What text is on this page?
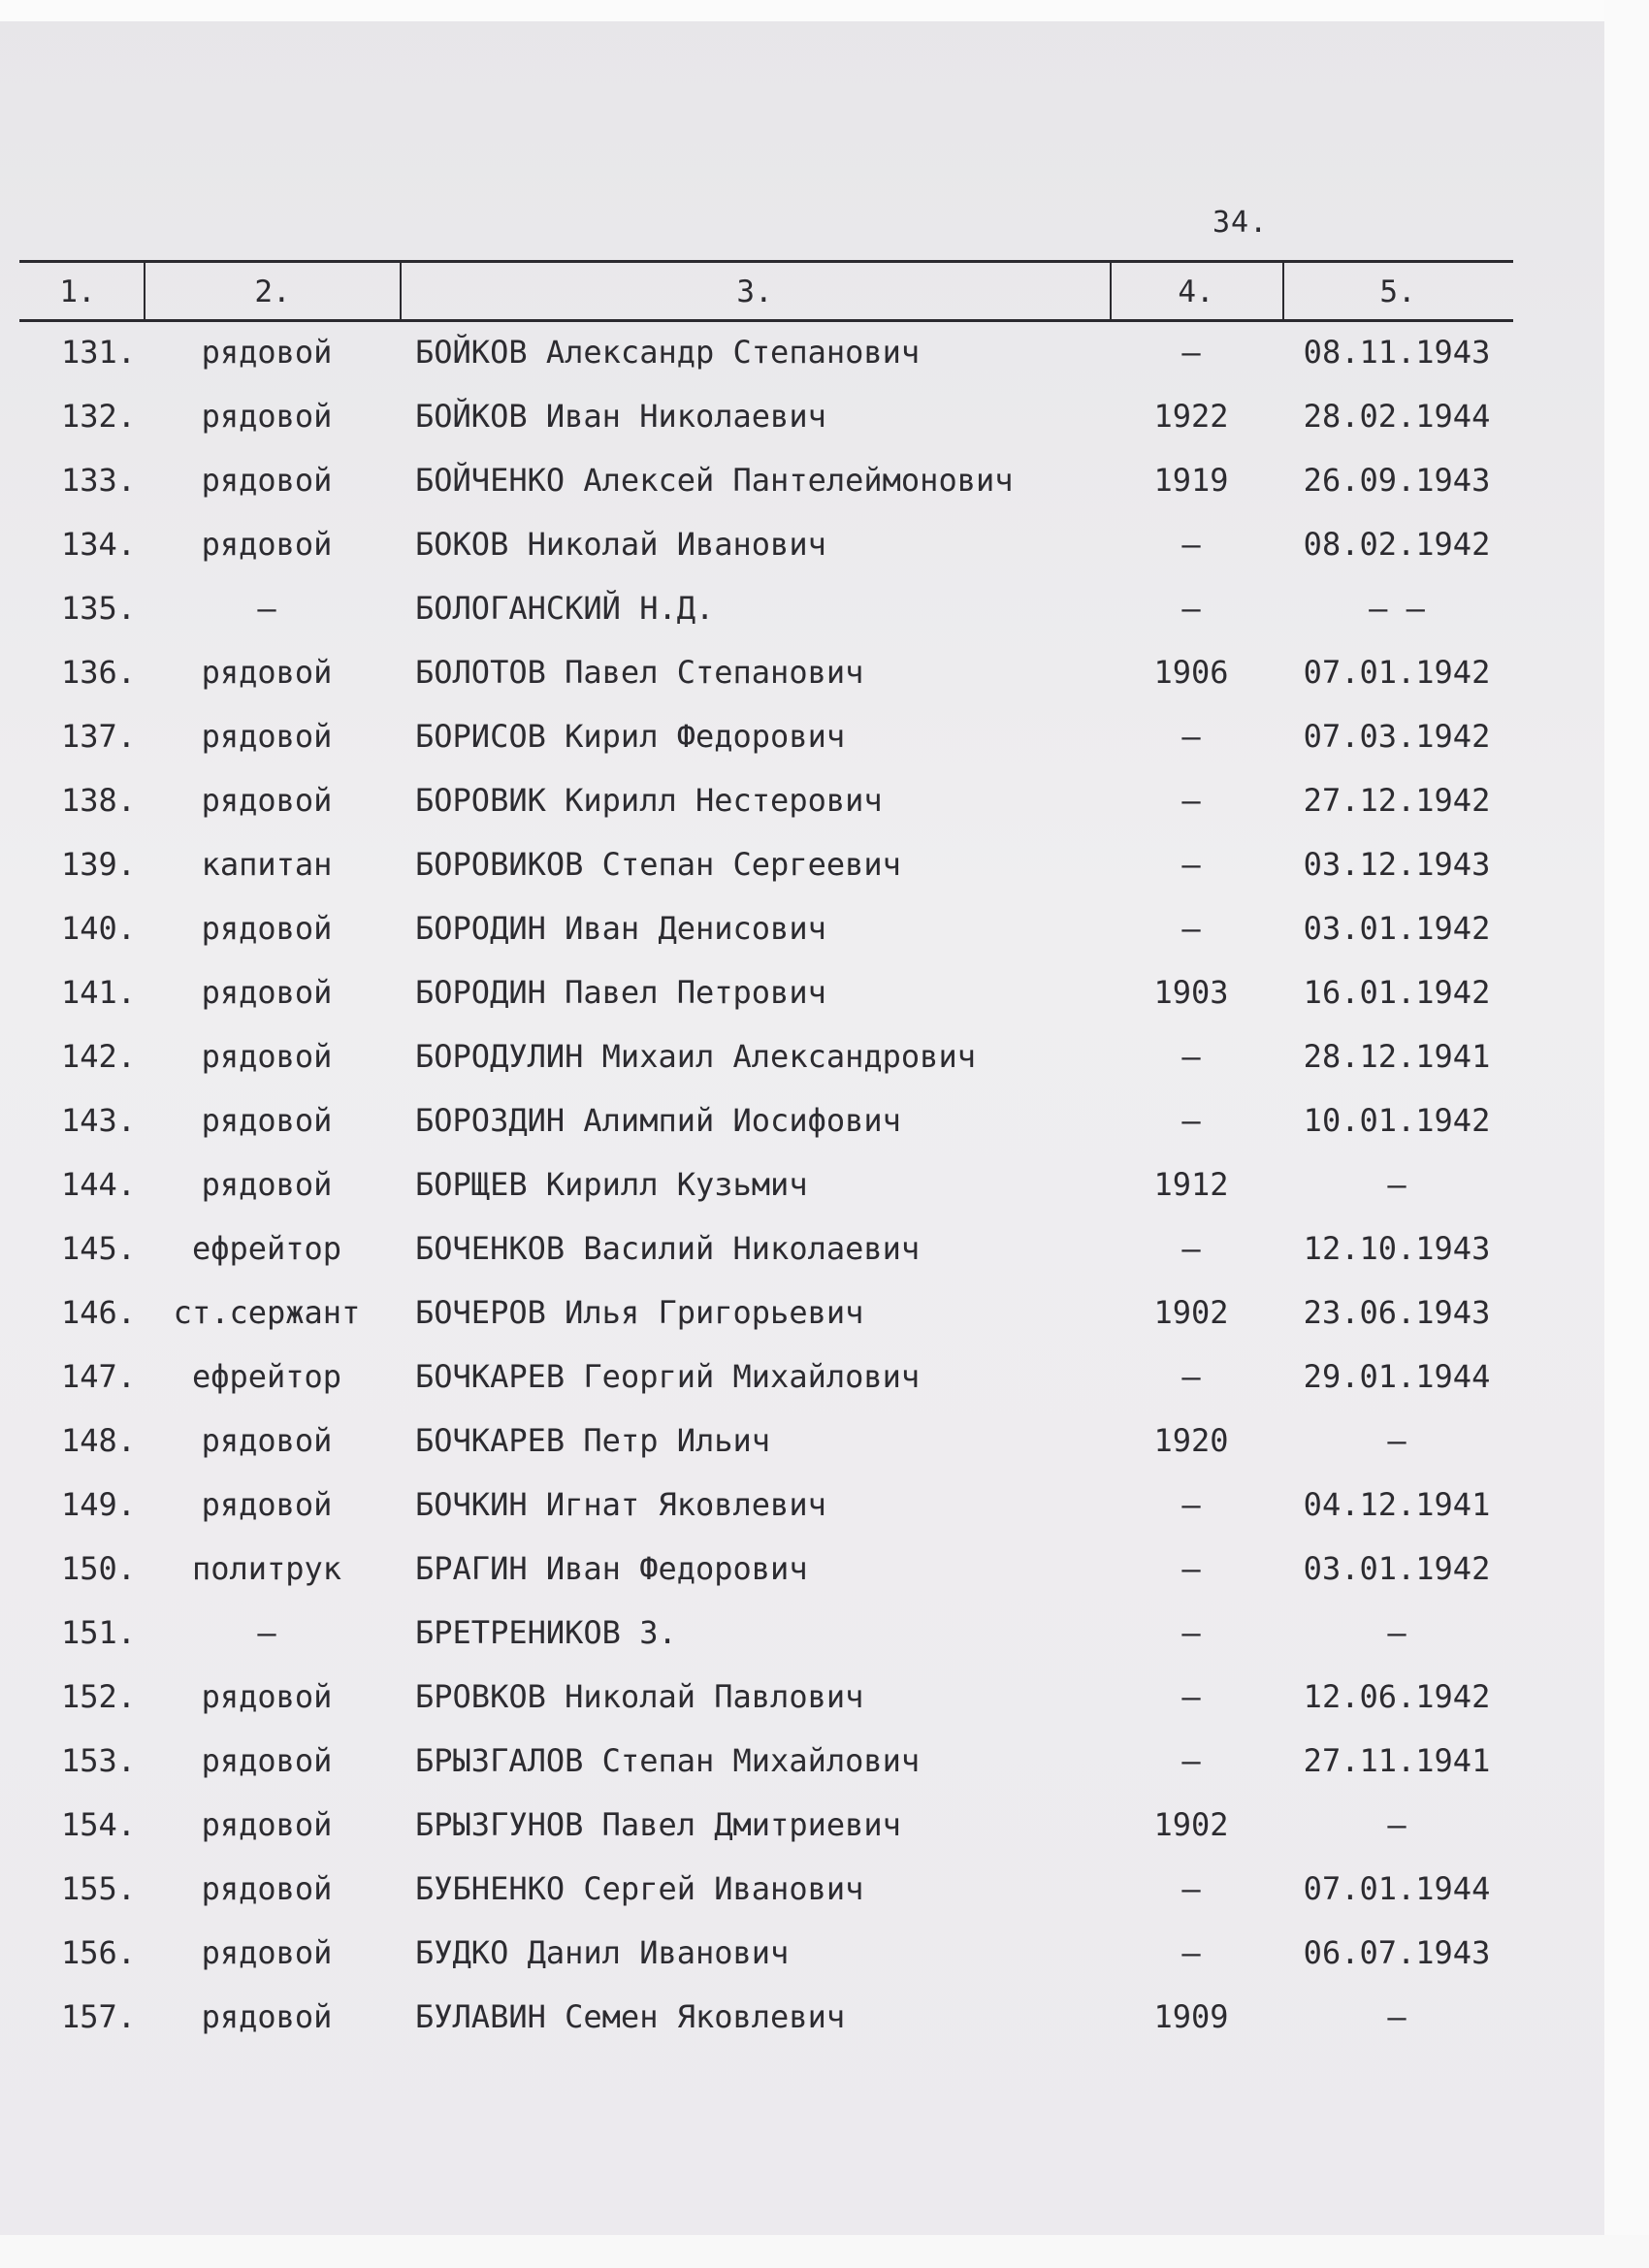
34.
1.	2.	3.	4.	5.
131.	рядовой	БОЙКОВ Александр Степанович	–	08.11.1943
132.	рядовой	БОЙКОВ Иван Николаевич	1922	28.02.1944
133.	рядовой	БОЙЧЕНКО Алексей Пантелеймонович	1919	26.09.1943
134.	рядовой	БОКОВ Николай Иванович	–	08.02.1942
135.	–	БОЛОГАНСКИЙ Н.Д.	–	– –
136.	рядовой	БОЛОТОВ Павел Степанович	1906	07.01.1942
137.	рядовой	БОРИСОВ Кирил Федорович	–	07.03.1942
138.	рядовой	БОРОВИК Кирилл Нестерович	–	27.12.1942
139.	капитан	БОРОВИКОВ Степан Сергеевич	–	03.12.1943
140.	рядовой	БОРОДИН Иван Денисович	–	03.01.1942
141.	рядовой	БОРОДИН Павел Петрович	1903	16.01.1942
142.	рядовой	БОРОДУЛИН Михаил Александрович	–	28.12.1941
143.	рядовой	БОРОЗДИН Алимпий Иосифович	–	10.01.1942
144.	рядовой	БОРЩЕВ Кирилл Кузьмич	1912	–
145.	ефрейтор	БОЧЕНКОВ Василий Николаевич	–	12.10.1943
146.	ст.сержант	БОЧЕРОВ Илья Григорьевич	1902	23.06.1943
147.	ефрейтор	БОЧКАРЕВ Георгий Михайлович	–	29.01.1944
148.	рядовой	БОЧКАРЕВ Петр Ильич	1920	–
149.	рядовой	БОЧКИН Игнат Яковлевич	–	04.12.1941
150.	политрук	БРАГИН Иван Федорович	–	03.01.1942
151.	–	БРЕТРЕНИКОВ З.	–	–
152.	рядовой	БРОВКОВ Николай Павлович	–	12.06.1942
153.	рядовой	БРЫЗГАЛОВ Степан Михайлович	–	27.11.1941
154.	рядовой	БРЫЗГУНОВ Павел Дмитриевич	1902	–
155.	рядовой	БУБНЕНКО Сергей Иванович	–	07.01.1944
156.	рядовой	БУДКО Данил Иванович	–	06.07.1943
157.	рядовой	БУЛАВИН Семен Яковлевич	1909	–
